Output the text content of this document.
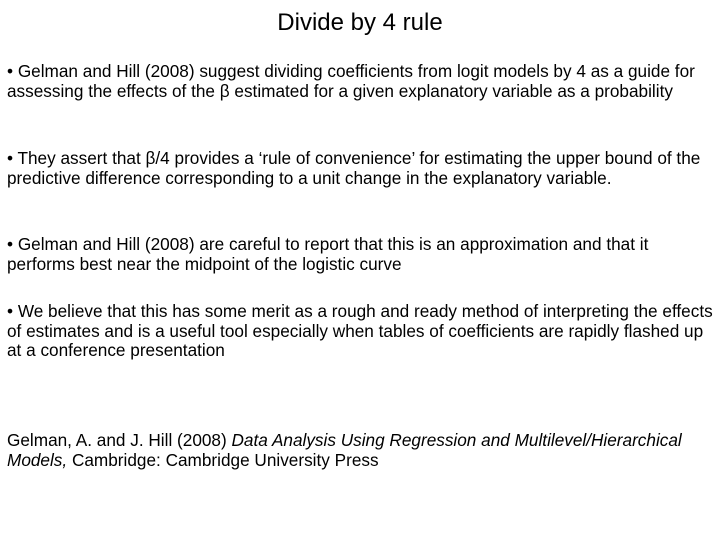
Divide by 4 rule

• Gelman and Hill (2008) suggest dividing coefficients from logit models by 4 as a guide for assessing the effects of the β estimated for a given explanatory variable as a probability

• They assert that β/4 provides a ‘rule of convenience’ for estimating the upper bound of the predictive difference corresponding to a unit change in the explanatory variable.

• Gelman and Hill (2008) are careful to report that this is an approximation and that it performs best near the midpoint of the logistic curve

• We believe that this has some merit as a rough and ready method of interpreting the effects of estimates and is a useful tool especially when tables of coefficients are rapidly flashed up at a conference presentation

Gelman, A. and J. Hill (2008) Data Analysis Using Regression and Multilevel/Hierarchical Models, Cambridge: Cambridge University Press
